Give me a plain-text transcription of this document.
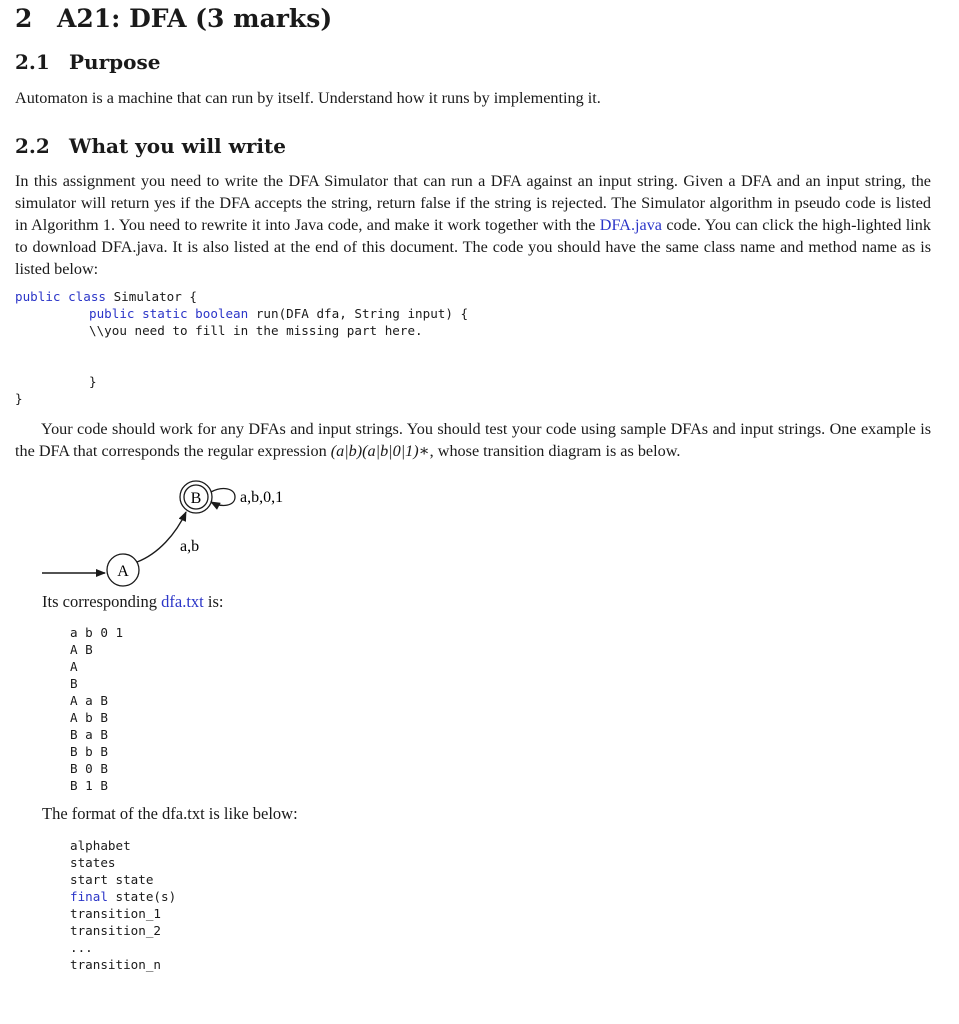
2 A21: DFA (3 marks)
2.1 Purpose

Automaton is a machine that can run by itself. Understand how it runs by implementing it.

2.2 What you will write

In this assignment you need to write the DFA Simulator that can run a DFA against an input string. Given a DFA and an input string, the simulator will return yes if the DFA accepts the string, return false if the string is rejected. The Simulator algorithm in pseudo code is listed in Algorithm 1. You need to rewrite it into Java code, and make it work together with the DFA.java code. You can click the high-lighted link to download DFA.java. It is also listed at the end of this document. The code you should have the same class name and method name as is listed below:

public class Simulator {
public static boolean run(DFA dfa, String input) {
\\you need to fill in the missing part here.
}
}

Your code should work for any DFAs and input strings. You should test your code using sample DFAs and input strings. One example is the DFA that corresponds the regular expression (a|b)(a|b|0|1)∗, whose transition diagram is as below.

A
a,b
B a,b,0,1
Its corresponding dfa.txt is:
a b 0 1
A B
A
B
A a B
A b B
B a B
B b B
B 0 B
B 1 B
The format of the dfa.txt is like below:
alphabet
states
start state
final state(s)
transition_1
transition_2
...
transition_n
